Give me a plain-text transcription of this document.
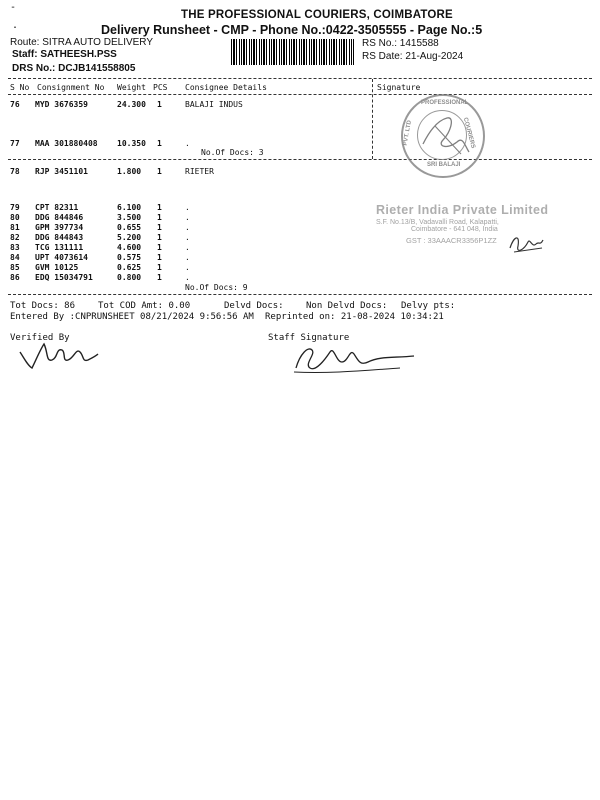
-
.
THE PROFESSIONAL COURIERS, COIMBATORE
Delivery Runsheet - CMP - Phone No.:0422-3505555 - Page No.:5
Route: SITRA AUTO DELIVERY
Staff: SATHEESH.PSS
DRS No.: DCJB141558805
RS No.: 1415588
RS Date: 21-Aug-2024
S No Consignment No Weight PCS Consignee Details	Signature
76 MYD 3676359	24.300 1	BALAJI INDUS
77 MAA 301880408 10.350 1	.
No.Of Docs: 3
78 RJP 3451101	1.800 1	RIETER
79 CPT 82311	6.100 1	.
80 DDG 844846	3.500 1	.
81 GPM 397734	0.655 1	.
82 DDG 844843	5.200 1	.
83 TCG 131111	4.600 1	.
84 UPT 4073614	0.575 1	.
85 GVM 10125	0.625 1	.
86 EDQ 15034791	0.800 1	.
No.Of Docs: 9
PROFESSIONAL
COURIERS
SRI BALAJI
PVT. LTD
Rieter India Private Limited
S.F. No.13/B, Vadavalli Road, Kalapatti,
Coimbatore - 641 048, India
GST : 33AAACR3356P1ZZ
Tot Docs: 86	Tot COD Amt: 0.00	Delvd Docs: Non Delvd Docs: Delvy pts:
Entered By :CNPRUNSHEET 08/21/2024 9:56:56 AM Reprinted on: 21-08-2024 10:34:21
Verified By	Staff Signature
